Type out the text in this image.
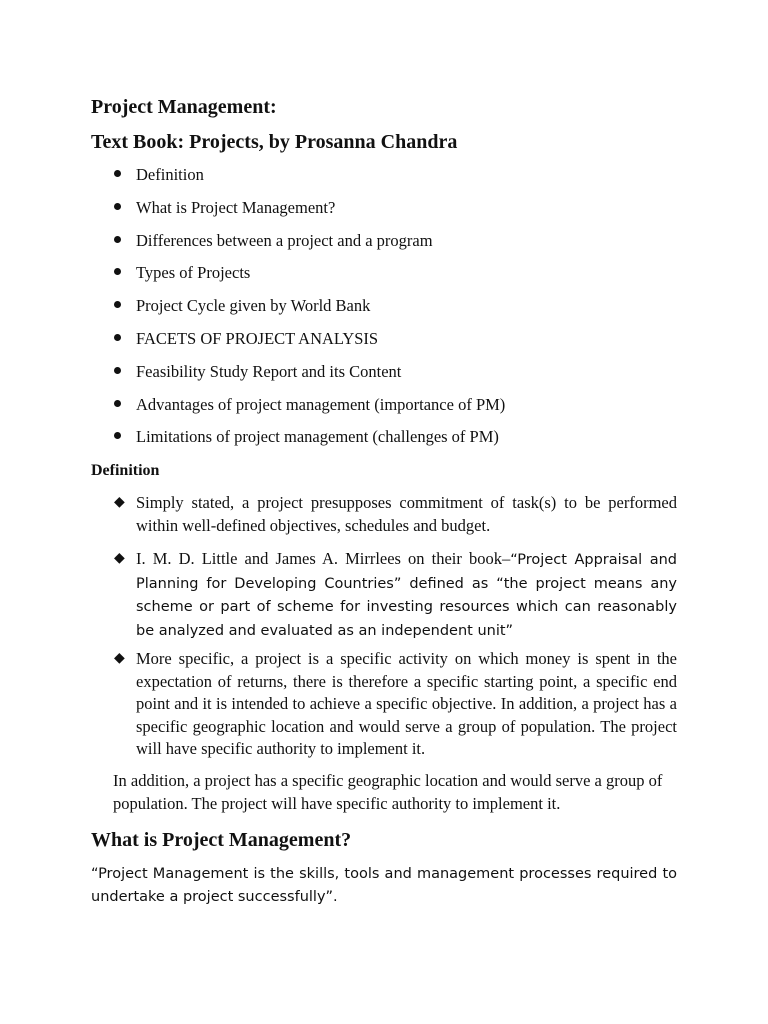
Project Management:
Text Book: Projects, by Prosanna Chandra
Definition
What is Project Management?
Differences between a project and a program
Types of Projects
Project Cycle given by World Bank
FACETS OF PROJECT ANALYSIS
Feasibility Study Report and its Content
Advantages of project management (importance of PM)
Limitations of project management (challenges of PM)
Definition
◆ Simply stated, a project presupposes commitment of task(s) to be performed within well-defined objectives, schedules and budget.

◆ I. M. D. Little and James A. Mirrlees on their book–“Project Appraisal and Planning for Developing Countries” defined as “the project means any scheme or part of scheme for investing resources which can reasonably be analyzed and evaluated as an independent unit”

◆ More specific, a project is a specific activity on which money is spent in the expectation of returns, there is therefore a specific starting point, a specific end point and it is intended to achieve a specific objective. In addition, a project has a specific geographic location and would serve a group of population. The project will have specific authority to implement it.

In addition, a project has a specific geographic location and would serve a group of population. The project will have specific authority to implement it.

What is Project Management?

“Project Management is the skills, tools and management processes required to undertake a project successfully”.
